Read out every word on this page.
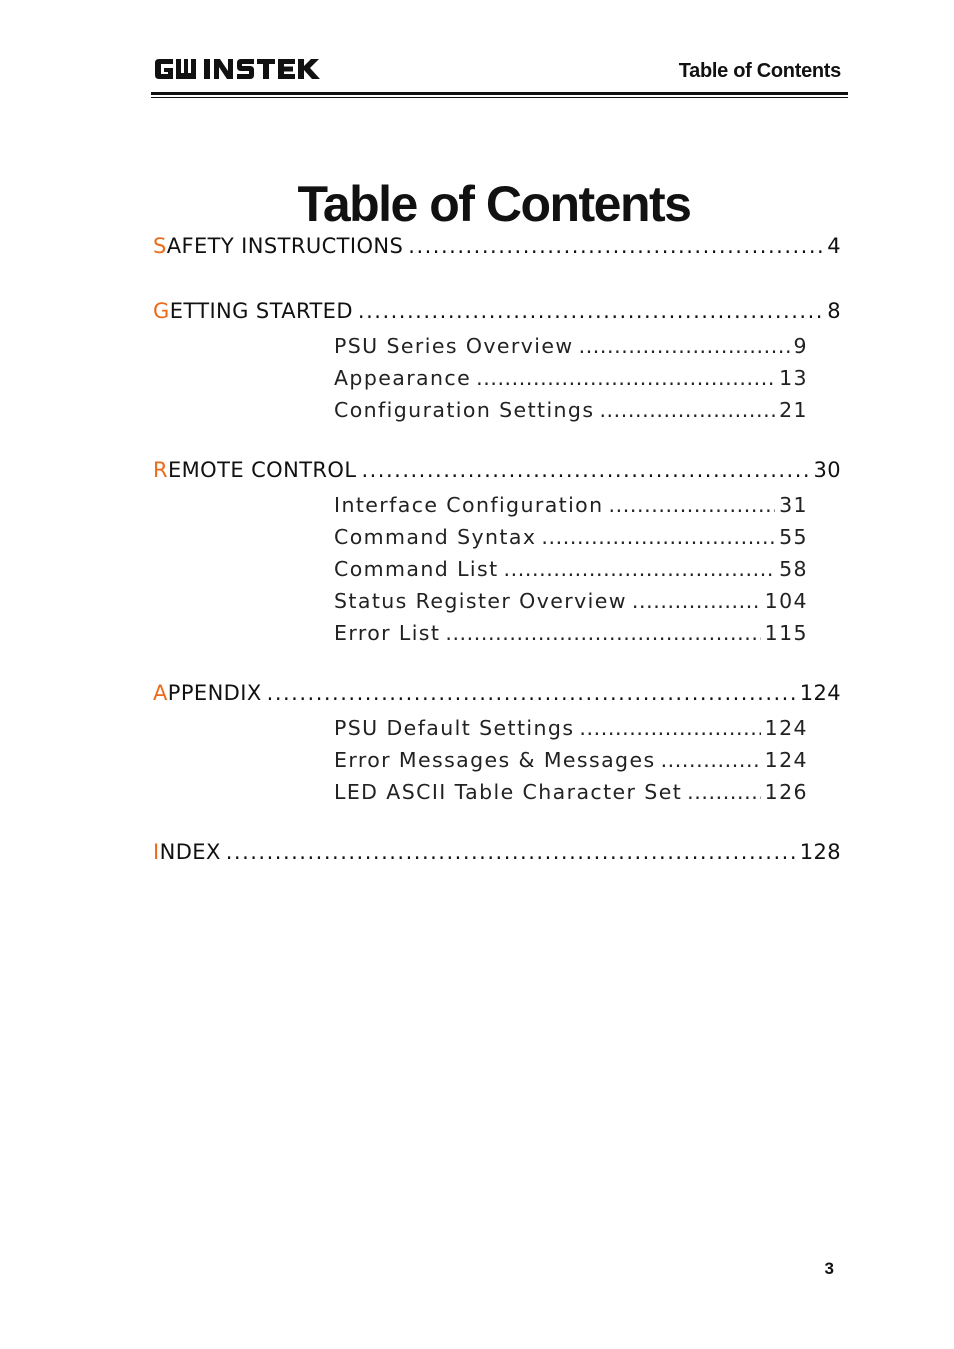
Table of Contents
Table of Contents
S AFETY INSTRUCTIONS .....	4
G ETTING STARTED .....	8
PSU Series Overview .....	9
Appearance .....	13
Configuration Settings .....	21
R EMOTE CONTROL .....	30
Interface Configuration .....	31
Command Syntax .....	55
Command List .....	58
Status Register Overview .....	104
Error List .....	115
A PPENDIX .....	124
PSU Default Settings .....	124
Error Messages & Messages .....	124
LED ASCII Table Character Set .....	126
I NDEX .....	128
3
